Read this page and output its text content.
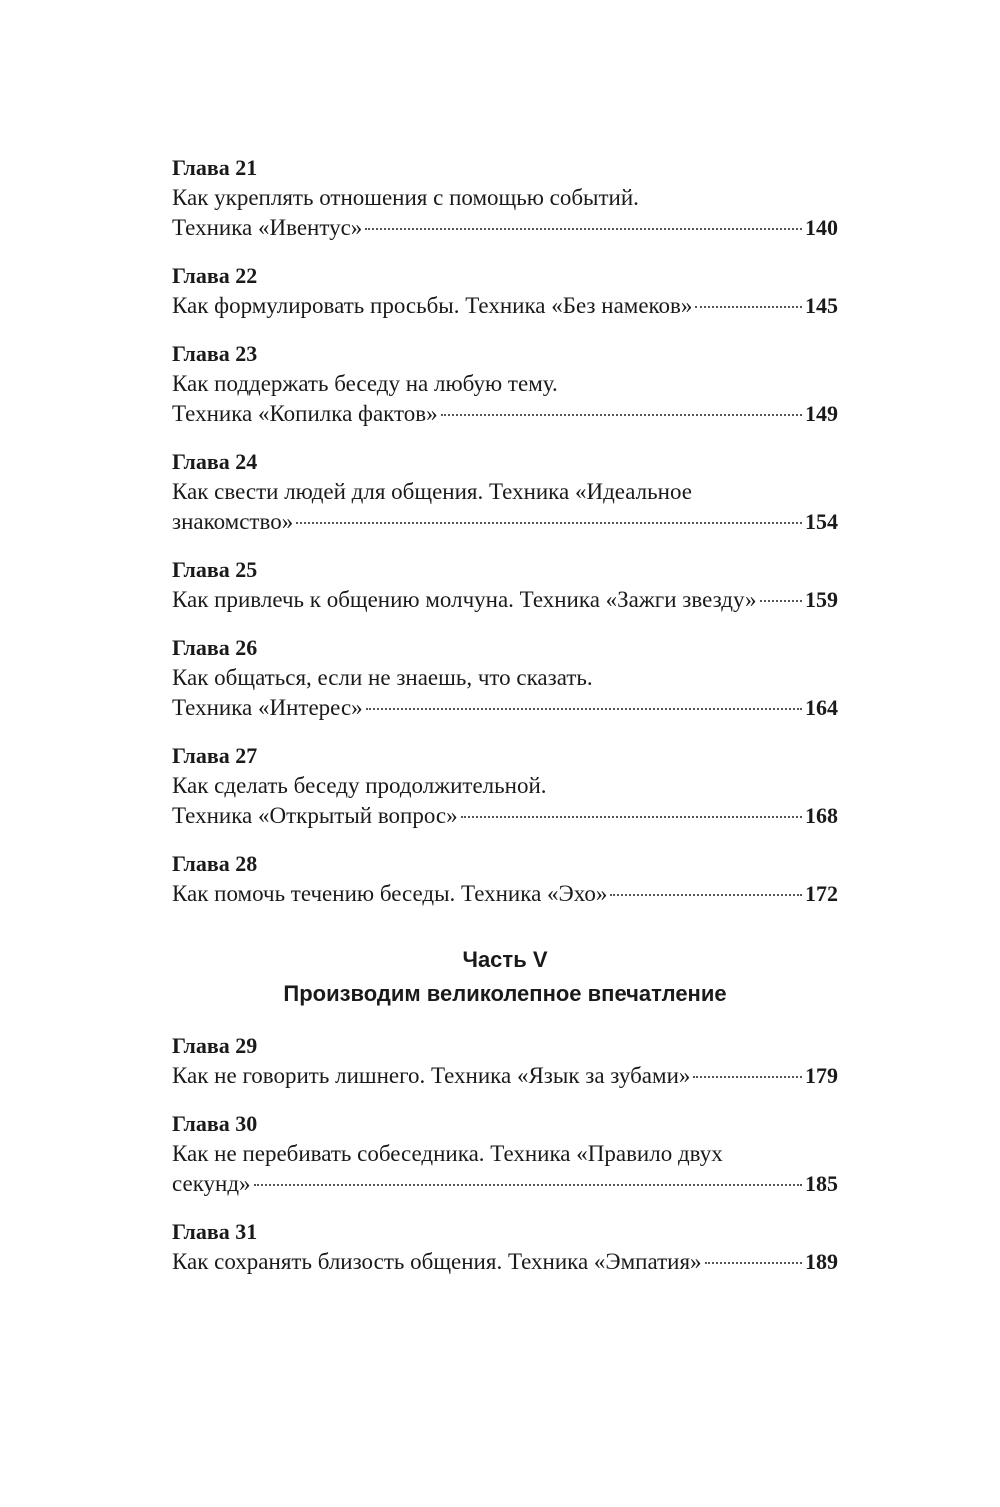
Глава 21
Как укреплять отношения с помощью событий.
Техника «Ивентус»	140
Глава 22
Как формулировать просьбы. Техника «Без намеков»	145
Глава 23
Как поддержать беседу на любую тему.
Техника «Копилка фактов»	149
Глава 24
Как свести людей для общения. Техника «Идеальное
знакомство»	154
Глава 25
Как привлечь к общению молчуна. Техника «Зажги звезду» 159
Глава 26
Как общаться, если не знаешь, что сказать.
Техника «Интерес»	164
Глава 27
Как сделать беседу продолжительной.
Техника «Открытый вопрос»	168
Глава 28
Как помочь течению беседы. Техника «Эхо»	172
Часть V
Производим великолепное впечатление
Глава 29
Как не говорить лишнего. Техника «Язык за зубами»	179
Глава 30
Как не перебивать собеседника. Техника «Правило двух
секунд»	185
Глава 31
Как сохранять близость общения. Техника «Эмпатия»	189
